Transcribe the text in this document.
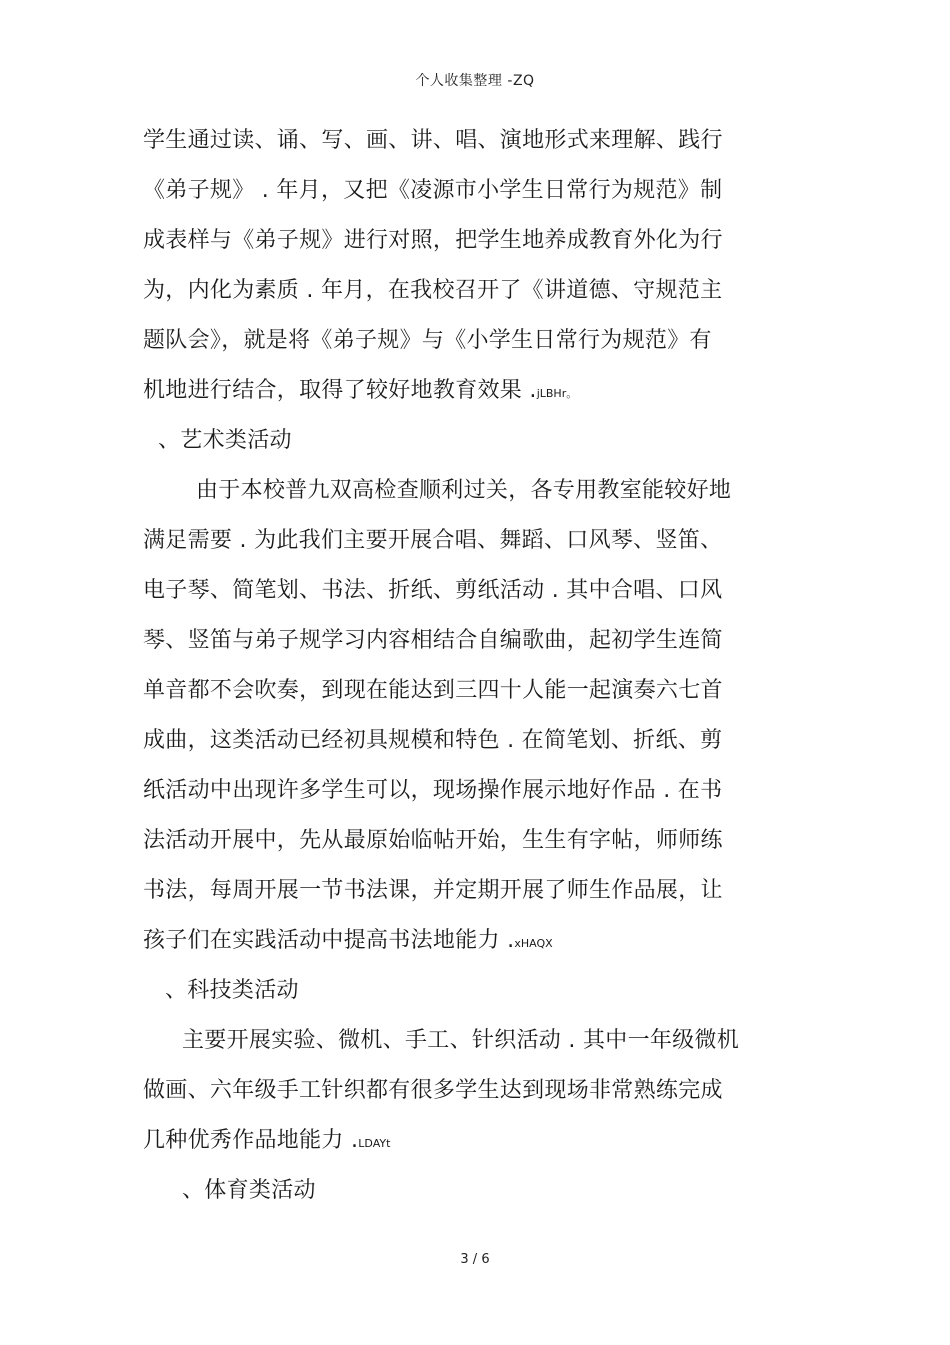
个人收集整理 -ZQ
学生通过读、诵、写、画、讲、唱、演地形式来理解、践行
《弟子规》 . 年月，又把《凌源市小学生日常行为规范》制
成表样与《弟子规》进行对照，把学生地养成教育外化为行
为，内化为素质 . 年月，在我校召开了《讲道德、守规范主
题队会》，就是将《弟子规》与《小学生日常行为规范》有
机地进行结合，取得了较好地教育效果 .jLBHr。
、艺术类活动
由于本校普九双高检查顺利过关，各专用教室能较好地
满足需要 . 为此我们主要开展合唱、舞蹈、口风琴、竖笛、
电子琴、简笔划、书法、折纸、剪纸活动 . 其中合唱、口风
琴、竖笛与弟子规学习内容相结合自编歌曲，起初学生连简
单音都不会吹奏，到现在能达到三四十人能一起演奏六七首
成曲，这类活动已经初具规模和特色 . 在简笔划、折纸、剪
纸活动中出现许多学生可以，现场操作展示地好作品 . 在书
法活动开展中，先从最原始临帖开始，生生有字帖，师师练
书法，每周开展一节书法课，并定期开展了师生作品展，让
孩子们在实践活动中提高书法地能力 .xHAQX
、科技类活动
主要开展实验、微机、手工、针织活动 . 其中一年级微机
做画、六年级手工针织都有很多学生达到现场非常熟练完成
几种优秀作品地能力 .LDAYt
、体育类活动
3 / 6
